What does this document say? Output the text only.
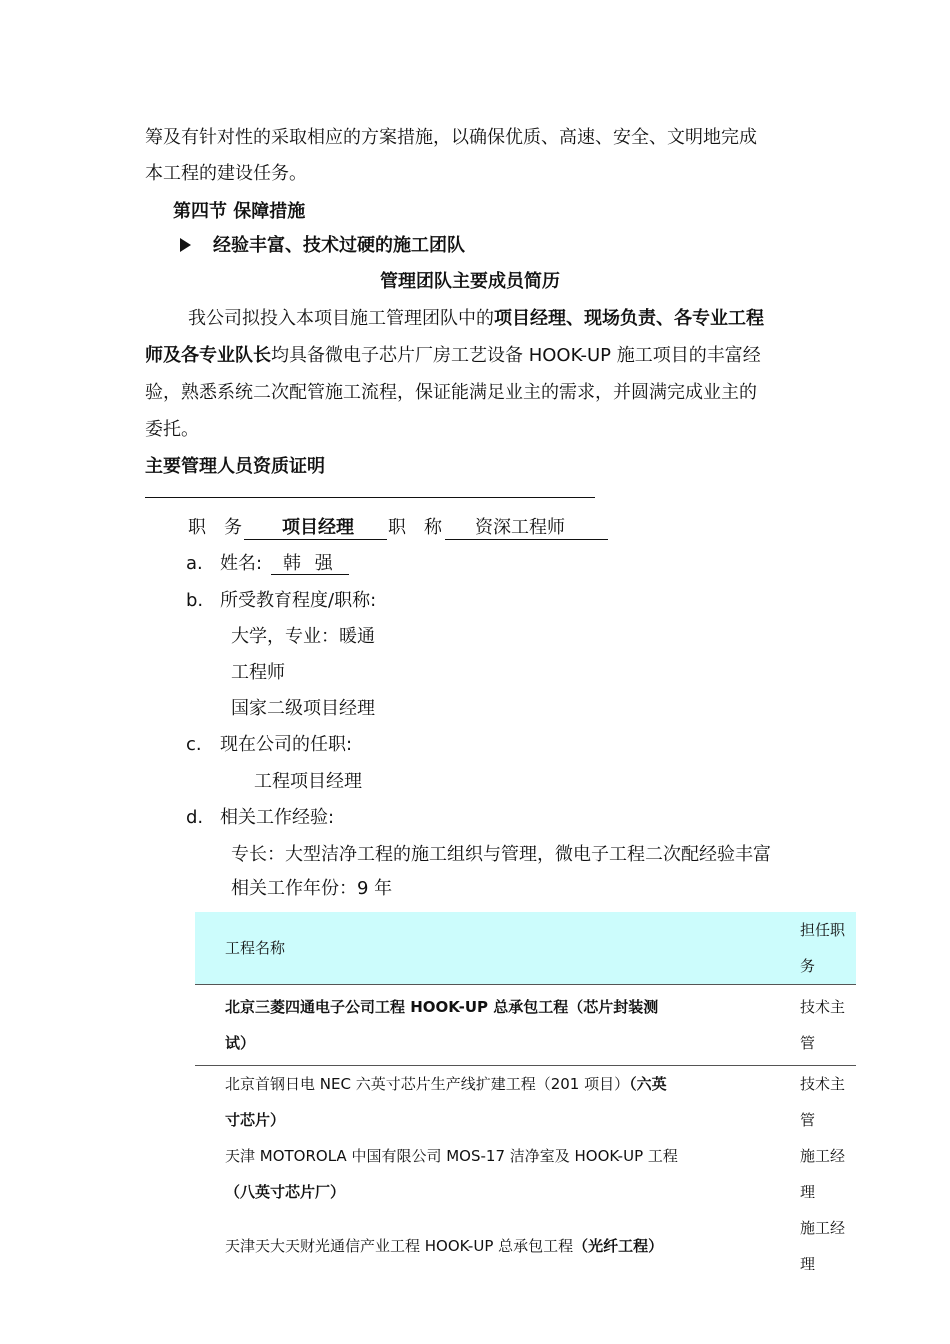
筹及有针对性的采取相应的方案措施，以确保优质、高速、安全、文明地完成
本工程的建设任务。
第四节 保障措施
经验丰富、技术过硬的施工团队
管理团队主要成员简历
我公司拟投入本项目施工管理团队中的项目经理、现场负责、各专业工程
师及各专业队长均具备微电子芯片厂房工艺设备 HOOK-UP 施工项目的丰富经
验，熟悉系统二次配管施工流程，保证能满足业主的需求，并圆满完成业主的
委托。
主要管理人员资质证明
职　务 项目经理 职　称 资深工程师
a. 姓名: 韩 强
b. 所受教育程度/职称:
大学，专业：暖通
工程师
国家二级项目经理
c. 现在公司的任职:
工程项目经理
d. 相关工作经验:
专长：大型洁净工程的施工组织与管理，微电子工程二次配经验丰富
相关工作年份：9 年
工程名称	担任职务

北京三菱四通电子公司工程 HOOK-UP 总承包工程（芯片封装测
试）	技术主管

北京首钢日电 NEC 六英寸芯片生产线扩建工程（201 项目）（六英
寸芯片）	技术主管

天津 MOTOROLA 中国有限公司 MOS-17 洁净室及 HOOK-UP 工程
（八英寸芯片厂）	施工经理

天津天大天财光通信产业工程 HOOK-UP 总承包工程（光纤工程）	施工经理
